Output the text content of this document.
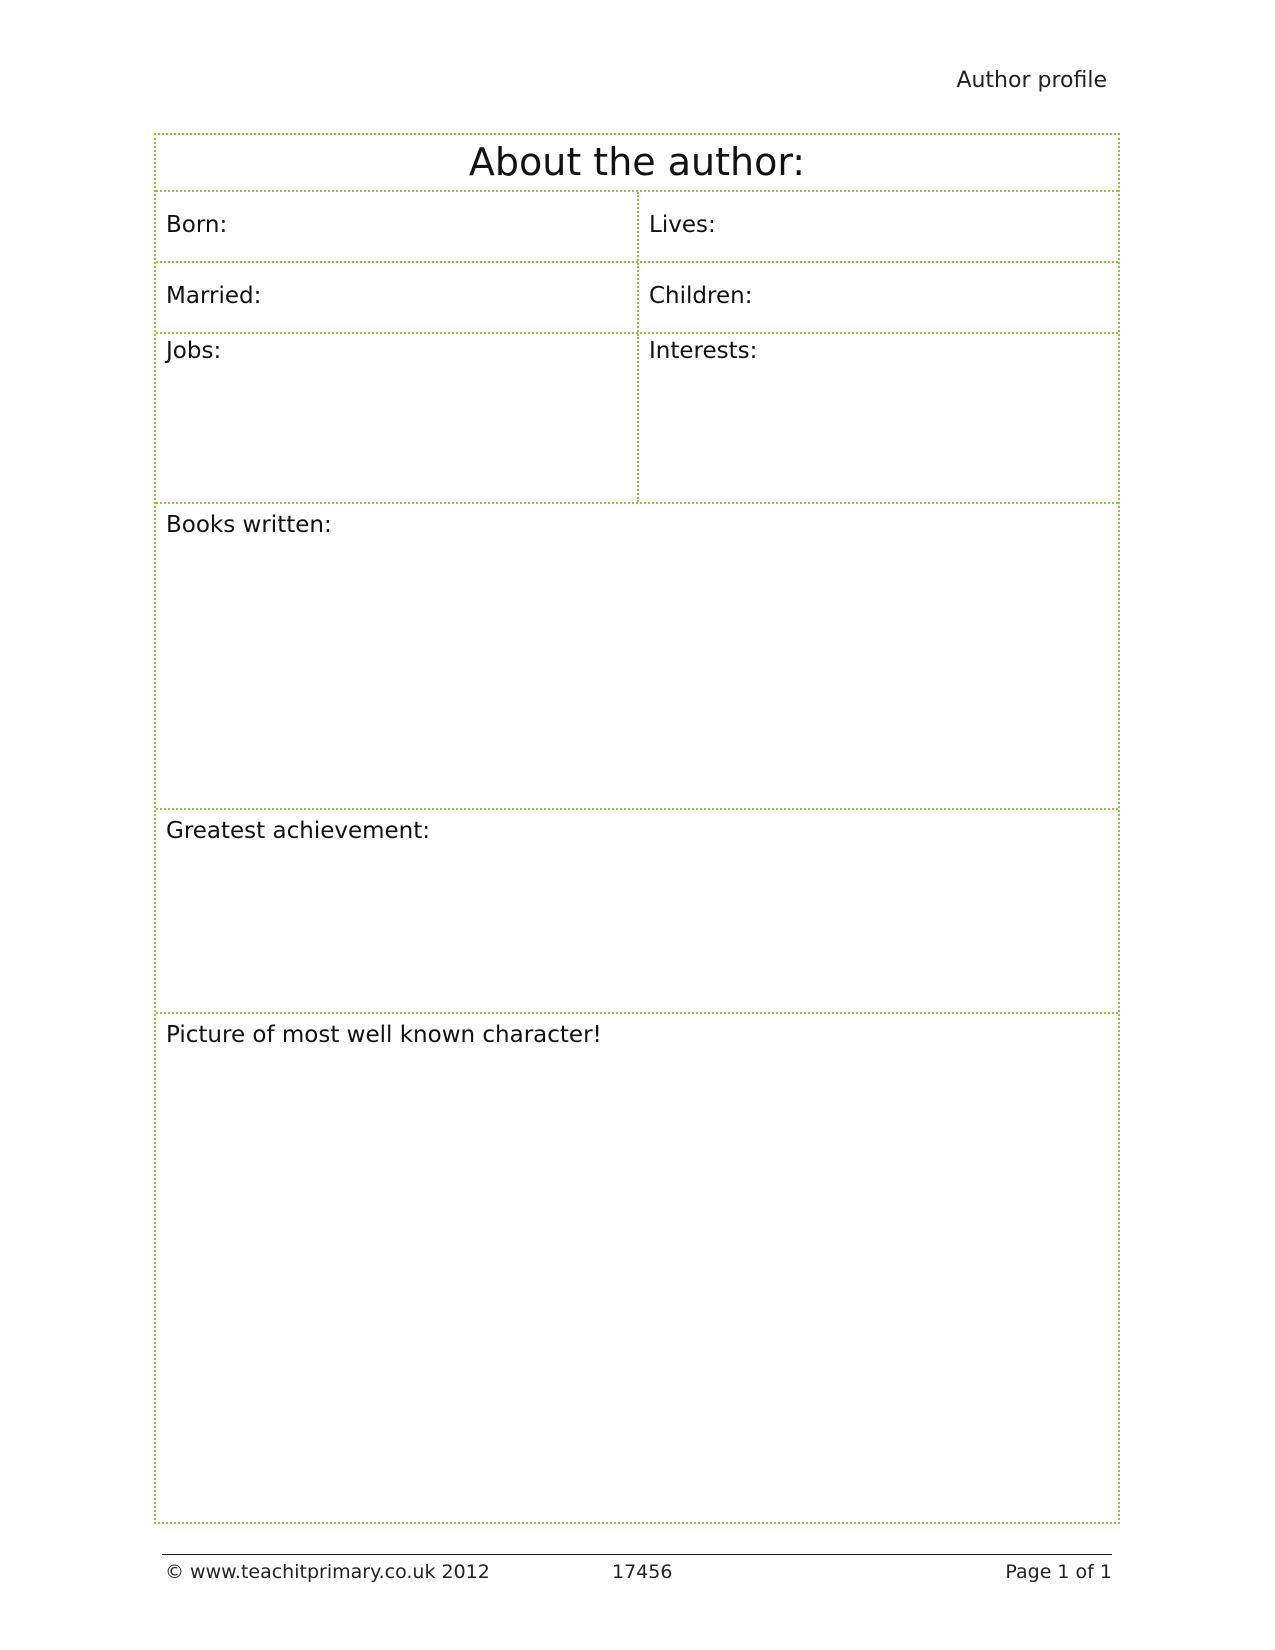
Author profile
About the author:
Born:	Lives:
Married:	Children:
Jobs:	Interests:
Books written:
Greatest achievement:
Picture of most well known character!
© www.teachitprimary.co.uk 2012	17456	Page 1 of 1
